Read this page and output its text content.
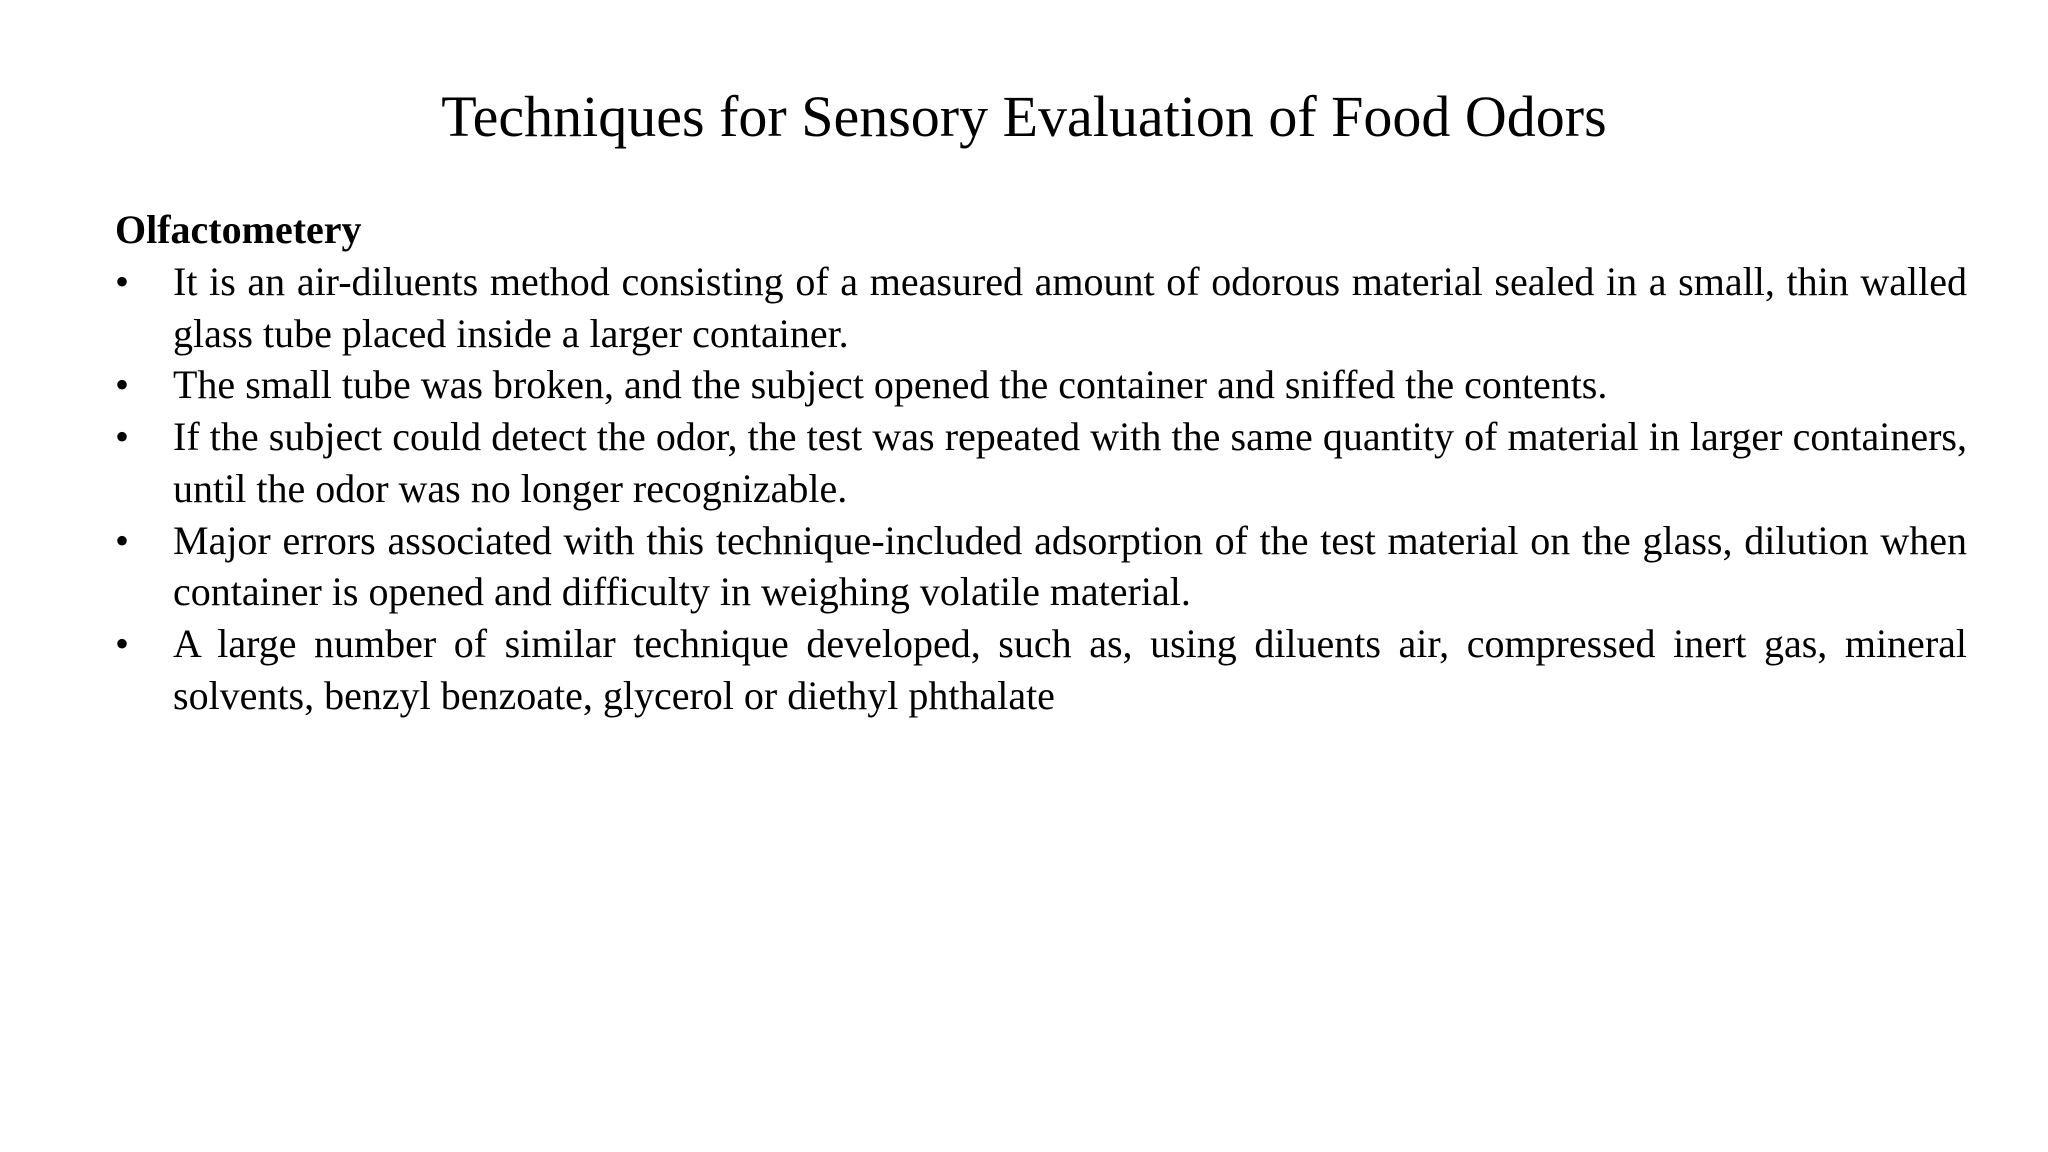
Techniques for Sensory Evaluation of Food Odors

Olfactometery

•	It is an air-diluents method consisting of a measured amount of odorous material sealed in a small, thin walled glass tube placed inside a larger container.
•	The small tube was broken, and the subject opened the container and sniffed the contents.
•	If the subject could detect the odor, the test was repeated with the same quantity of material in larger containers, until the odor was no longer recognizable.
•	Major errors associated with this technique-included adsorption of the test material on the glass, dilution when container is opened and difficulty in weighing volatile material.
•	A large number of similar technique developed, such as, using diluents air, compressed inert gas, mineral solvents, benzyl benzoate, glycerol or diethyl phthalate
